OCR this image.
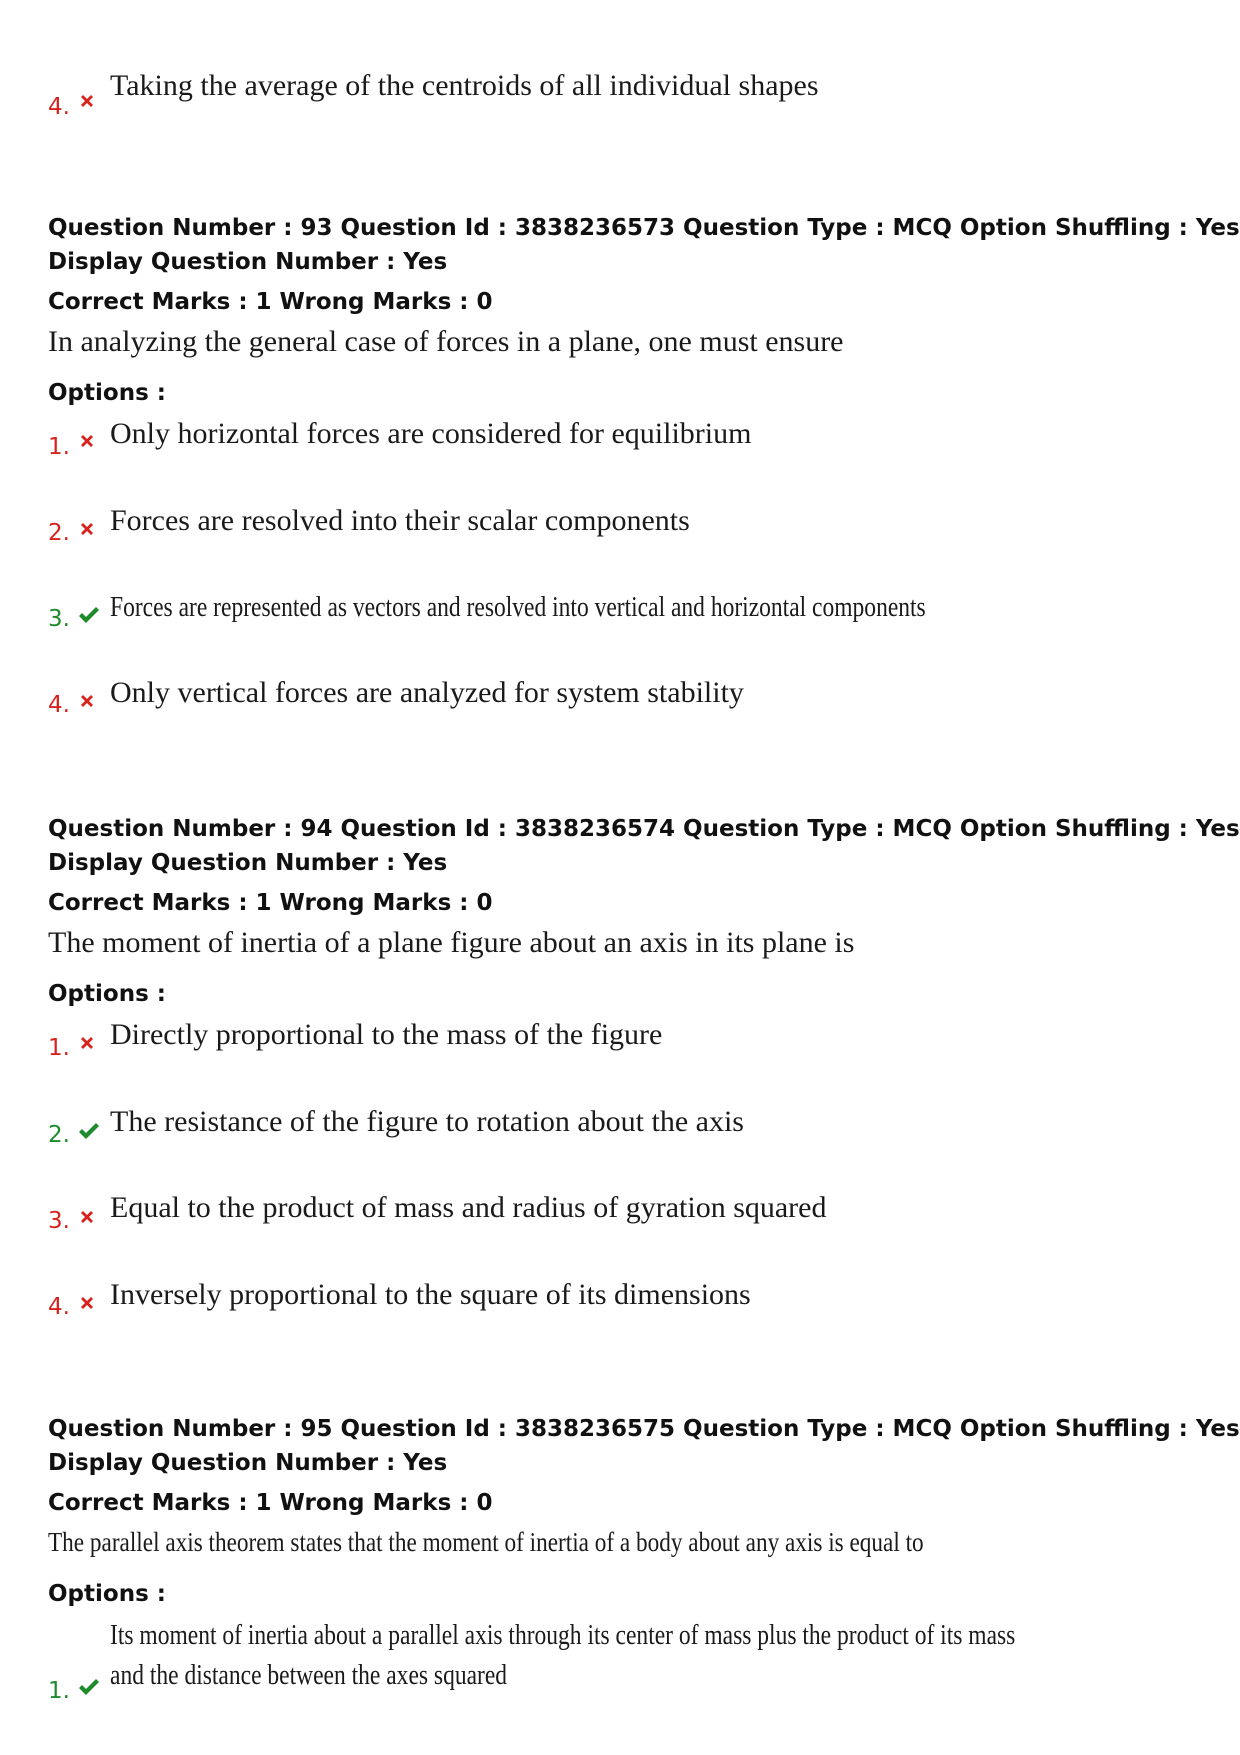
4.
Taking the average of the centroids of all individual shapes
Question Number : 93 Question Id : 3838236573 Question Type : MCQ Option Shuffling : Yes
Display Question Number : Yes
Correct Marks : 1 Wrong Marks : 0
In analyzing the general case of forces in a plane, one must ensure
Options :
1. Only horizontal forces are considered for equilibrium
2. Forces are resolved into their scalar components
3. Forces are represented as vectors and resolved into vertical and horizontal components
4. Only vertical forces are analyzed for system stability
Question Number : 94 Question Id : 3838236574 Question Type : MCQ Option Shuffling : Yes
Display Question Number : Yes
Correct Marks : 1 Wrong Marks : 0
The moment of inertia of a plane figure about an axis in its plane is
Options :
1. Directly proportional to the mass of the figure
2. The resistance of the figure to rotation about the axis
3. Equal to the product of mass and radius of gyration squared
4. Inversely proportional to the square of its dimensions
Question Number : 95 Question Id : 3838236575 Question Type : MCQ Option Shuffling : Yes
Display Question Number : Yes
Correct Marks : 1 Wrong Marks : 0
The parallel axis theorem states that the moment of inertia of a body about any axis is equal to
Options :
Its moment of inertia about a parallel axis through its center of mass plus the product of its mass
1. and the distance between the axes squared
